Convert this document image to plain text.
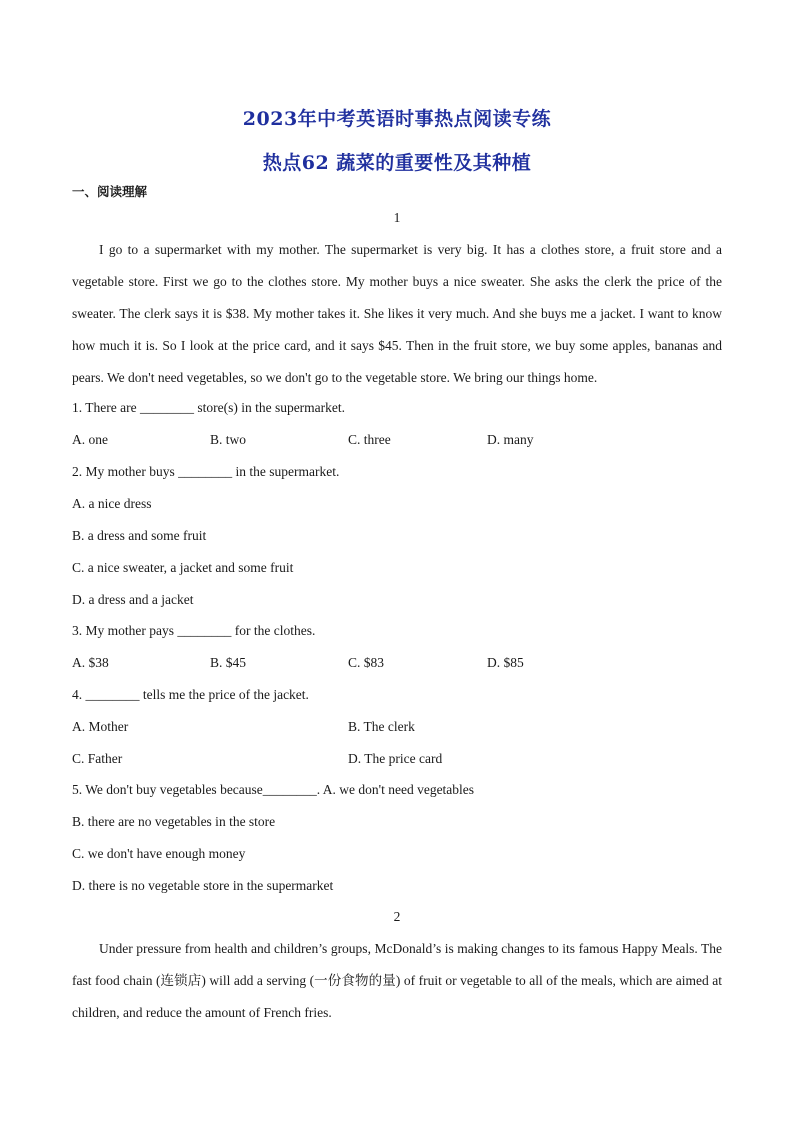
2023年中考英语时事热点阅读专练
热点62 蔬菜的重要性及其种植
一、阅读理解
1

I go to a supermarket with my mother. The supermarket is very big. It has a clothes store, a fruit store and a vegetable store. First we go to the clothes store. My mother buys a nice sweater. She asks the clerk the price of the sweater. The clerk says it is $38. My mother takes it. She likes it very much. And she buys me a jacket. I want to know how much it is. So I look at the price card, and it says $45. Then in the fruit store, we buy some apples, bananas and pears. We don't need vegetables, so we don't go to the vegetable store. We bring our things home.

1. There are ________ store(s) in the supermarket.
A. one	B. two	C. three	D. many
2. My mother buys ________ in the supermarket.
A. a nice dress
B. a dress and some fruit
C. a nice sweater, a jacket and some fruit
D. a dress and a jacket
3. My mother pays ________ for the clothes.
A. $38	B. $45	C. $83	D. $85
4. ________ tells me the price of the jacket.
A. Mother	B. The clerk
C. Father	D. The price card
5. We don't buy vegetables because________. A. we don't need vegetables
B. there are no vegetables in the store
C. we don't have enough money
D. there is no vegetable store in the supermarket
2

Under pressure from health and children’s groups, McDonald’s is making changes to its famous Happy Meals. The fast food chain (连锁店) will add a serving (一份食物的量) of fruit or vegetable to all of the meals, which are aimed at children, and reduce the amount of French fries.
